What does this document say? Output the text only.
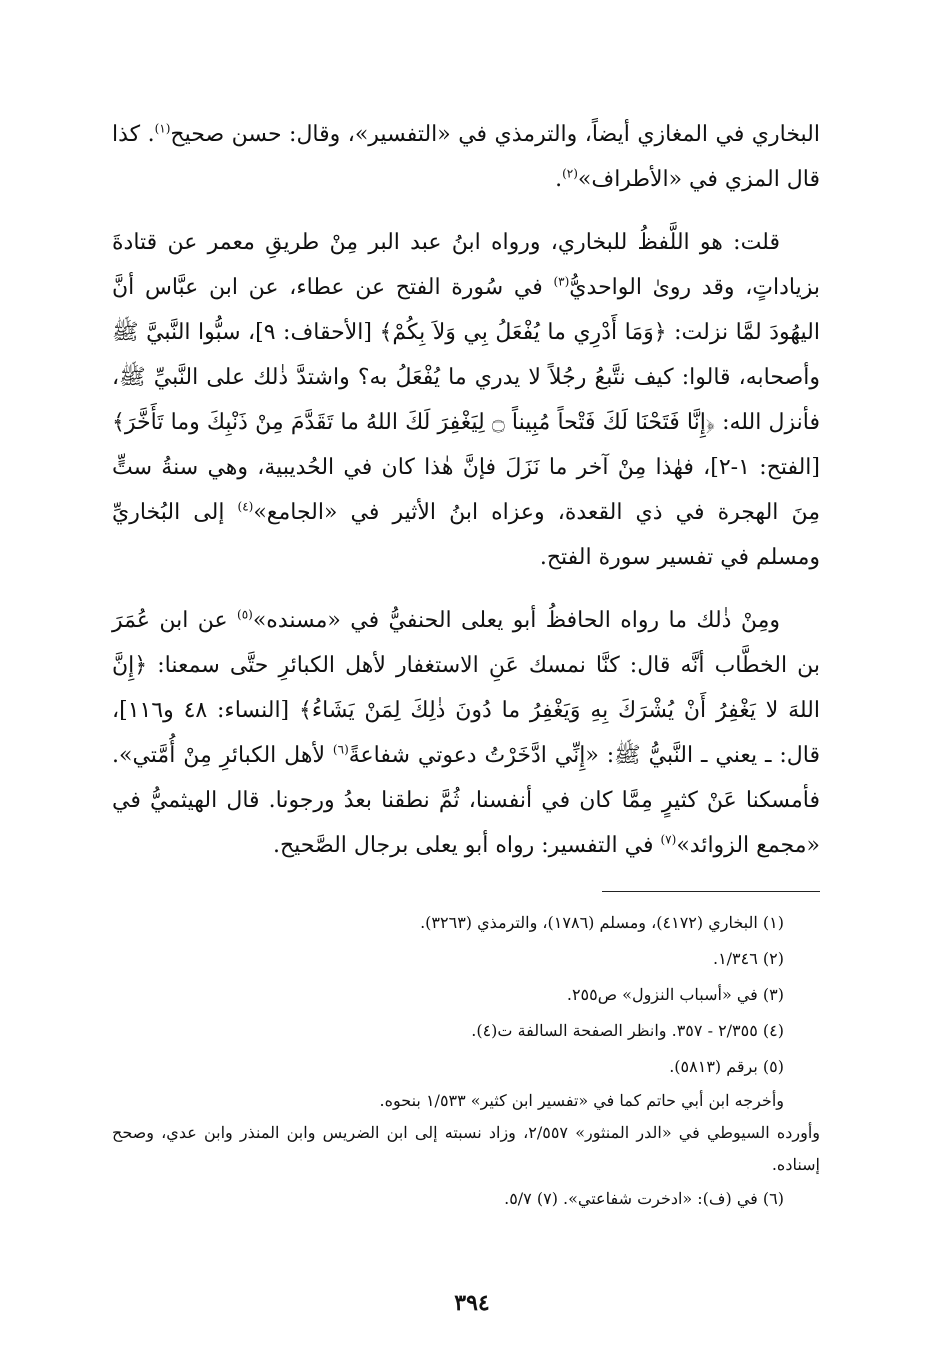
البخاري في المغازي أيضاً، والترمذي في «التفسير»، وقال: حسن صحيح$^{(١)}$. كذا قال المزي في «الأطراف»$^{(٢)}$.

قلت: هو اللَّفظُ للبخاري، ورواه ابنُ عبد البر مِنْ طريقِ معمر عن قتادةَ بزياداتٍ، وقد روىٰ الواحديُّ$^{(٣)}$ في سُورة الفتح عن عطاء، عن ابن عبَّاس أنَّ اليهُودَ لمَّا نزلت: ﴿وَمَا أَدْرِي ما يُفْعَلُ بِي وَلاَ بِكُمْ﴾ [الأحقاف: ٩]، سبُّوا النَّبيَّ ﷺ وأصحابه، قالوا: كيف نتَّبعُ رجُلاً لا يدري ما يُفْعَلُ به؟ واشتدَّ ذٰلك على النَّبيِّ ﷺ، فأنزل الله: ﴿إِنَّا فَتَحْنَا لَكَ فَتْحاً مُبِيناً ۝ لِيَغْفِرَ لَكَ اللهُ ما تَقَدَّمَ مِنْ ذَنْبِكَ وما تَأَخَّرَ﴾ [الفتح: ١-٢]، فهٰذا مِنْ آخر ما نَزَلَ فإنَّ هٰذا كان في الحُديبية، وهي سنةُ ستٍّ مِنَ الهجرة في ذي القعدة، وعزاه ابنُ الأثير في «الجامع»$^{(٤)}$ إلى البُخاريِّ ومسلم في تفسير سورة الفتح.

ومِنْ ذٰلك ما رواه الحافظُ أبو يعلى الحنفيُّ في «مسنده»$^{(٥)}$ عن ابن عُمَرَ بن الخطَّاب أنَّه قال: كنَّا نمسك عَنِ الاستغفار لأهل الكبائرِ حتَّى سمعنا: ﴿إِنَّ اللهَ لا يَغْفِرُ أَنْ يُشْرَكَ بِهِ وَيَغْفِرُ ما دُونَ ذٰلِكَ لِمَنْ يَشَاءُ﴾ [النساء: ٤٨ و١١٦]، قال: ـ يعني ـ النَّبيُّ ﷺ: «إِنِّي ادَّخَرْتُ دعوتي شفاعةً$^{(٦)}$ لأهل الكبائرِ مِنْ أُمَّتي». فأمسكنا عَنْ كثيرٍ مِمَّا كان في أنفسنا، ثُمَّ نطقنا بعدُ ورجونا. قال الهيثميُّ في «مجمع الزوائد»$^{(٧)}$ في التفسير: رواه أبو يعلى برجال الصَّحيح.

(١) البخاري (٤١٧٢)، ومسلم (١٧٨٦)، والترمذي (٣٢٦٣).
(٢) ١/٣٤٦.
(٣) في «أسباب النزول» ص٢٥٥.
(٤) ٢/٣٥٥ - ٣٥٧. وانظر الصفحة السالفة ت(٤).
(٥) برقم (٥٨١٣).
وأخرجه ابن أبي حاتم كما في «تفسير ابن كثير» ١/٥٣٣ بنحوه.
وأورده السيوطي في «الدر المنثور» ٢/٥٥٧، وزاد نسبته إلى ابن الضريس وابن المنذر وابن عدي، وصحح إسناده.
(٦) في (ف): «ادخرت شفاعتي». (٧) ٥/٧.
٣٩٤
